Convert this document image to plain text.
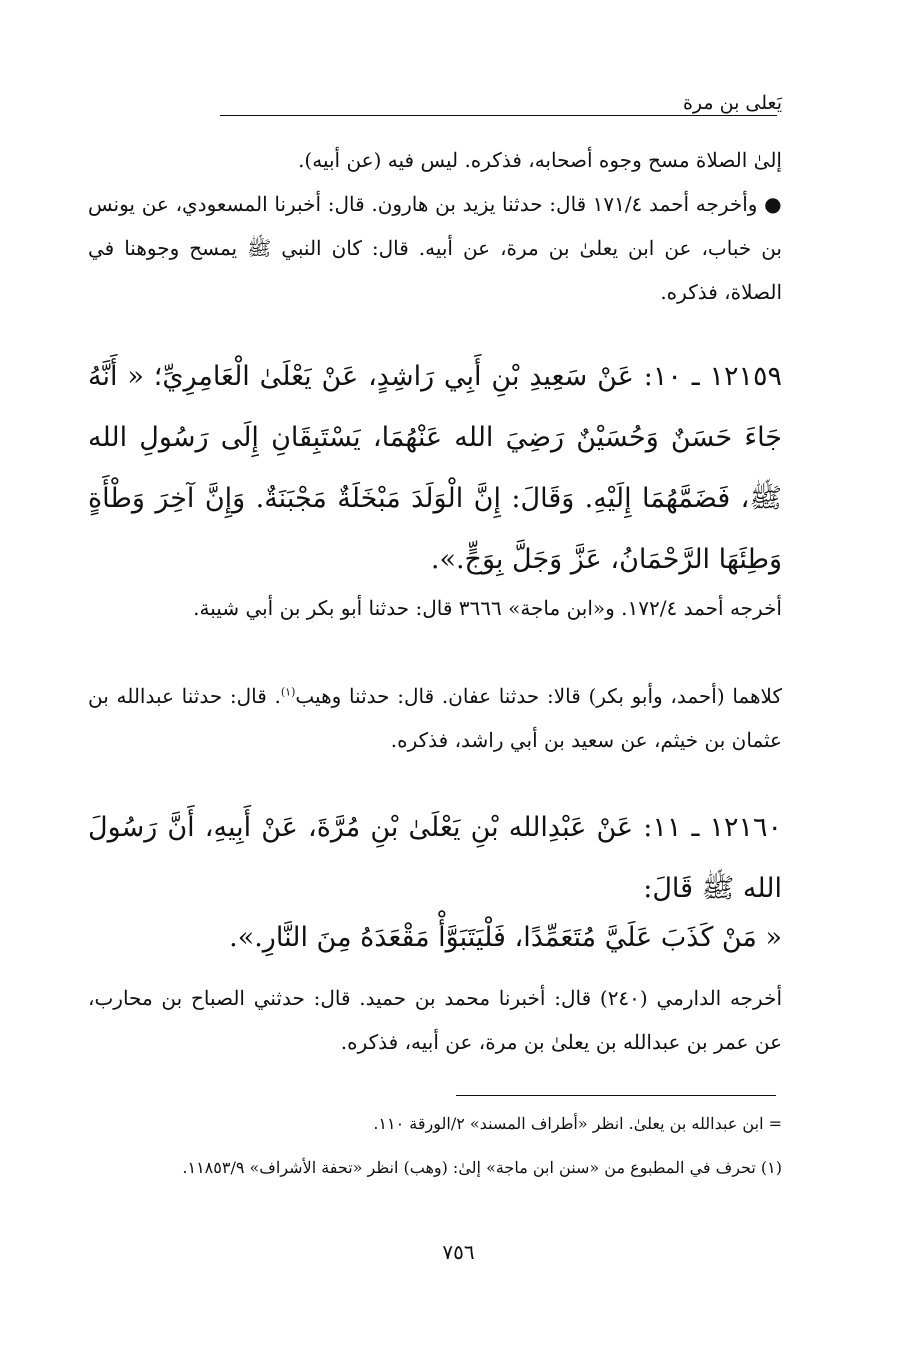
يَعلى بن مرة
إلىٰ الصلاة مسح وجوه أصحابه، فذكره. ليس فيه (عن أبيه).
● وأخرجه أحمد ١٧١/٤ قال: حدثنا يزيد بن هارون. قال: أخبرنا المسعودي، عن يونس بن خباب، عن ابن يعلىٰ بن مرة، عن أبيه. قال: كان النبي ﷺ يمسح وجوهنا في الصلاة، فذكره.
١٢١٥٩ ـ ١٠: عَنْ سَعِيدِ بْنِ أَبِي رَاشِدٍ، عَنْ يَعْلَىٰ الْعَامِرِيِّ؛ « أَنَّهُ جَاءَ حَسَنٌ وَحُسَيْنٌ رَضِيَ الله عَنْهُمَا، يَسْتَبِقَانِ إِلَى رَسُولِ الله ﷺ، فَضَمَّهُمَا إِلَيْهِ. وَقَالَ: إِنَّ الْوَلَدَ مَبْخَلَةٌ مَجْبَنَةٌ. وَإِنَّ آخِرَ وَطْأَةٍ وَطِئَهَا الرَّحْمَانُ، عَزَّ وَجَلَّ بِوَجٍّ.».
أخرجه أحمد ١٧٢/٤. و«ابن ماجة» ٣٦٦٦ قال: حدثنا أبو بكر بن أبي شيبة.
كلاهما (أحمد، وأبو بكر) قالا: حدثنا عفان. قال: حدثنا وهيب$^{(١)}$. قال: حدثنا عبدالله بن عثمان بن خيثم، عن سعيد بن أبي راشد، فذكره.
١٢١٦٠ ـ ١١: عَنْ عَبْدِالله بْنِ يَعْلَىٰ بْنِ مُرَّةَ، عَنْ أَبِيهِ، أَنَّ رَسُولَ الله ﷺ قَالَ:
« مَنْ كَذَبَ عَلَيَّ مُتَعَمِّدًا، فَلْيَتَبَوَّأْ مَقْعَدَهُ مِنَ النَّارِ.».
أخرجه الدارمي (٢٤٠) قال: أخبرنا محمد بن حميد. قال: حدثني الصباح بن محارب، عن عمر بن عبدالله بن يعلىٰ بن مرة، عن أبيه، فذكره.
= ابن عبدالله بن يعلىٰ. انظر «أطراف المسند» ٢/الورقة ١١٠.
(١) تحرف في المطبوع من «سنن ابن ماجة» إلىٰ: (وهب) انظر «تحفة الأشراف» ١١٨٥٣/٩.
٧٥٦
